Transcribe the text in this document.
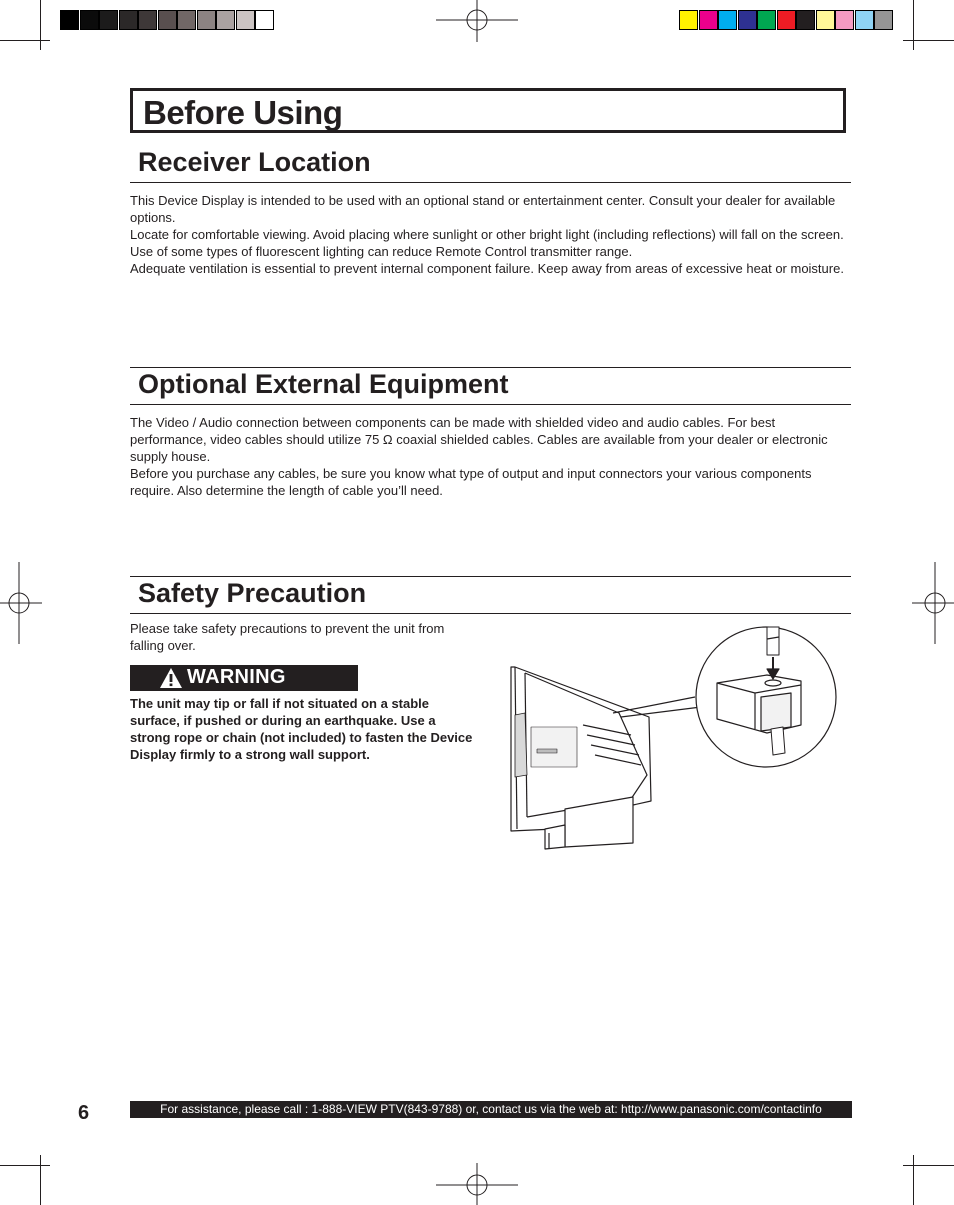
Before Using
Receiver Location

This Device Display is intended to be used with an optional stand or entertainment center. Consult your dealer for available options.

Locate for comfortable viewing. Avoid placing where sunlight or other bright light (including reflections) will fall on the screen.

Use of some types of fluorescent lighting can reduce Remote Control transmitter range.

Adequate ventilation is essential to prevent internal component failure. Keep away from areas of excessive heat or moisture.

Optional External Equipment

The Video / Audio connection between components can be made with shielded video and audio cables. For best performance, video cables should utilize 75 Ω coaxial shielded cables. Cables are available from your dealer or electronic supply house.

Before you purchase any cables, be sure you know what type of output and input connectors your various components require. Also determine the length of cable you’ll need.

Safety Precaution

Please take safety precautions to prevent the unit from falling over.

WARNING

The unit may tip or fall if not situated on a stable surface, if pushed or during an earthquake. Use a strong rope or chain (not included) to fasten the Device Display firmly to a strong wall support.

6	For assistance, please call : 1-888-VIEW PTV(843-9788) or, contact us via the web at: http://www.panasonic.com/contactinfo
